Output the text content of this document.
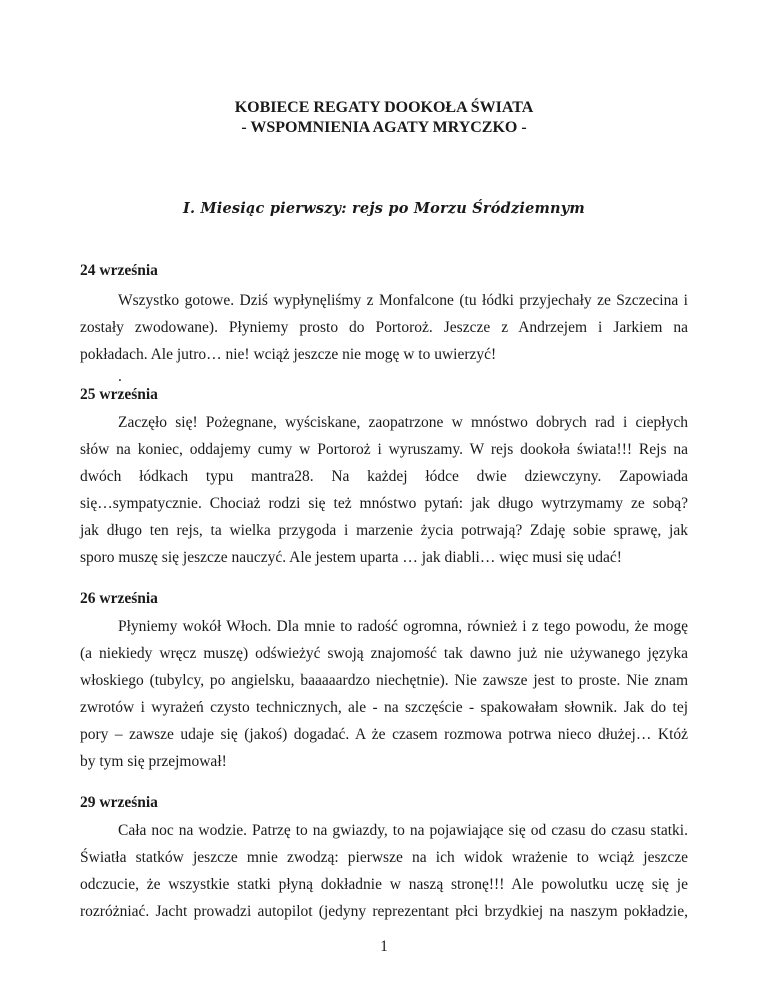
KOBIECE REGATY DOOKOŁA ŚWIATA
- WSPOMNIENIA AGATY MRYCZKO -
I. Miesiąc pierwszy: rejs po Morzu Śródziemnym
24 września
Wszystko gotowe. Dziś wypłynęliśmy z Monfalcone (tu łódki przyjechały ze Szczecina i
zostały zwodowane). Płyniemy prosto do Portoroż. Jeszcze z Andrzejem i Jarkiem na
pokładach. Ale jutro… nie! wciąż jeszcze nie mogę w to uwierzyć!
.
25 września
Zaczęło się! Pożegnane, wyściskane, zaopatrzone w mnóstwo dobrych rad i ciepłych
słów na koniec, oddajemy cumy w Portoroż i wyruszamy. W rejs dookoła świata!!! Rejs na
dwóch łódkach typu mantra28. Na każdej łódce dwie dziewczyny. Zapowiada
się…sympatycznie. Chociaż rodzi się też mnóstwo pytań: jak długo wytrzymamy ze sobą?
jak długo ten rejs, ta wielka przygoda i marzenie życia potrwają? Zdaję sobie sprawę, jak
sporo muszę się jeszcze nauczyć. Ale jestem uparta … jak diabli… więc musi się udać!
26 września
Płyniemy wokół Włoch. Dla mnie to radość ogromna, również i z tego powodu, że mogę
(a niekiedy wręcz muszę) odświeżyć swoją znajomość tak dawno już nie używanego języka
włoskiego (tubylcy, po angielsku, baaaaardzo niechętnie). Nie zawsze jest to proste. Nie znam
zwrotów i wyrażeń czysto technicznych, ale - na szczęście - spakowałam słownik. Jak do tej
pory – zawsze udaje się (jakoś) dogadać. A że czasem rozmowa potrwa nieco dłużej… Któż
by tym się przejmował!
29 września
Cała noc na wodzie. Patrzę to na gwiazdy, to na pojawiające się od czasu do czasu statki.
Światła statków jeszcze mnie zwodzą: pierwsze na ich widok wrażenie to wciąż jeszcze
odczucie, że wszystkie statki płyną dokładnie w naszą stronę!!! Ale powolutku uczę się je
rozróżniać. Jacht prowadzi autopilot (jedyny reprezentant płci brzydkiej na naszym pokładzie,
1
